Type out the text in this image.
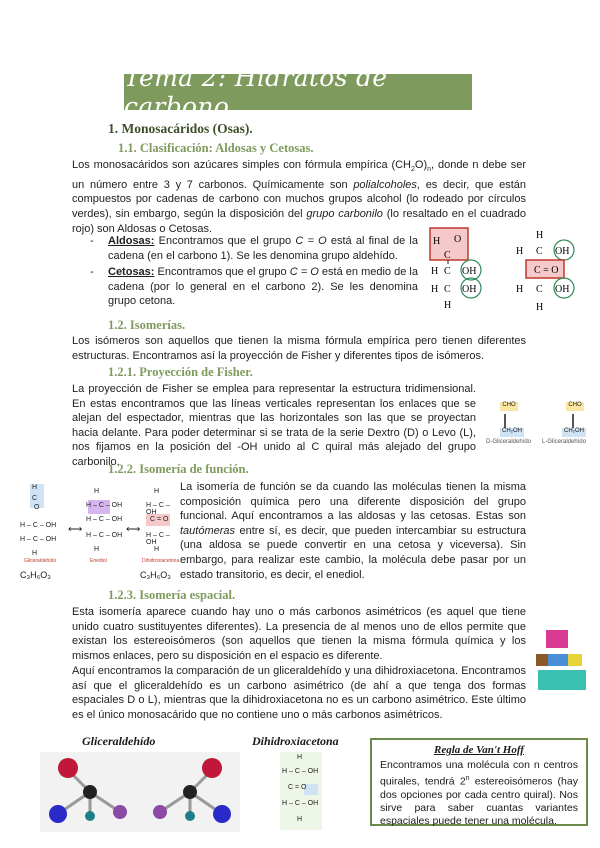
Tema 2: Hidratos de carbono
1. Monosacáridos (Osas).
1.1. Clasificación: Aldosas y Cetosas.
Los monosacáridos son azúcares simples con fórmula empírica $(CH_2O)_n$, donde n debe ser un número entre 3 y 7 carbonos. Químicamente son polialcoholes, es decir, que están compuestos por cadenas de carbono con muchos grupos alcohol (lo rodeado por círculos verdes), sin embargo, según la disposición del grupo carbonilo (lo resaltado en el cuadrado rojo) son Aldosas o Cetosas.
- Aldosas: Encontramos que el grupo C = O está al final de la cadena (en el carbono 1). Se les denomina grupo aldehído.
- Cetosas: Encontramos que el grupo C = O está en medio de la cadena (por lo general en el carbono 2). Se les denomina grupo cetona.
H
C
O
H C OH
H C OH
H
H
H C OH
C = O
H C OH
H
1.2. Isomerías.
Los isómeros son aquellos que tienen la misma fórmula empírica pero tienen diferentes estructuras. Encontramos así la proyección de Fisher y diferentes tipos de isómeros.
1.2.1. Proyección de Fisher.
La proyección de Fisher se emplea para representar la estructura tridimensional. En estas encontramos que las líneas verticales representan los enlaces que se alejan del espectador, mientras que las horizontales son las que se proyectan hacia delante. Para poder determinar si se trata de la serie Dextro (D) o Levo (L), nos fijamos en la posición del -OH unido al C quiral más alejado del grupo carbonilo.
CHO
CH₂OH
D-Gliceraldehído
CHO
CH₂OH
L-Gliceraldehído
1.2.2. Isomería de función.
H
C
O
H – C – OH
H – C – OH
H
Gliceraldehído
⟷
H
H – C – OH
H – C – OH
H – C – OH
H
Enediol
⟷
H
H – C – OH
C = O
H – C – OH
H
Dihidroxiacetona
C₃H₆O₃	C₃H₆O₃
La isomería de función se da cuando las moléculas tienen la misma composición química pero una diferente disposición del grupo funcional. Aquí encontramos a las aldosas y las cetosas. Estas son tautómeras entre sí, es decir, que pueden intercambiar su estructura (una aldosa se puede convertir en una cetosa y viceversa). Sin embargo, para realizar este cambio, la molécula debe pasar por un estado transitorio, es decir, el enediol.
1.2.3. Isomería espacial.
Esta isomería aparece cuando hay uno o más carbonos asimétricos (es aquel que tiene unido cuatro sustituyentes diferentes). La presencia de al menos uno de ellos permite que existan los estereoisómeros (son aquellos que tienen la misma fórmula química y los mismos enlaces, pero su disposición en el espacio es diferente.
Aquí encontramos la comparación de un gliceraldehído y una dihidroxiacetona. Encontramos así que el gliceraldehído es un carbono asimétrico (de ahí a que tenga dos formas espaciales D o L), mientras que la dihidroxiacetona no es un carbono asimétrico. Este último es el único monosacárido que no contiene uno o más carbonos asimétricos.
Gliceraldehído	Dihidroxiacetona
H
H – C – OH
C = O
H – C – OH
H
Regla de Van't Hoff
Encontramos una molécula con n centros quirales, tendrá 2$^n$ estereoisómeros (hay dos opciones por cada centro quiral). Nos sirve para saber cuantas variantes espaciales puede tener una molécula.
